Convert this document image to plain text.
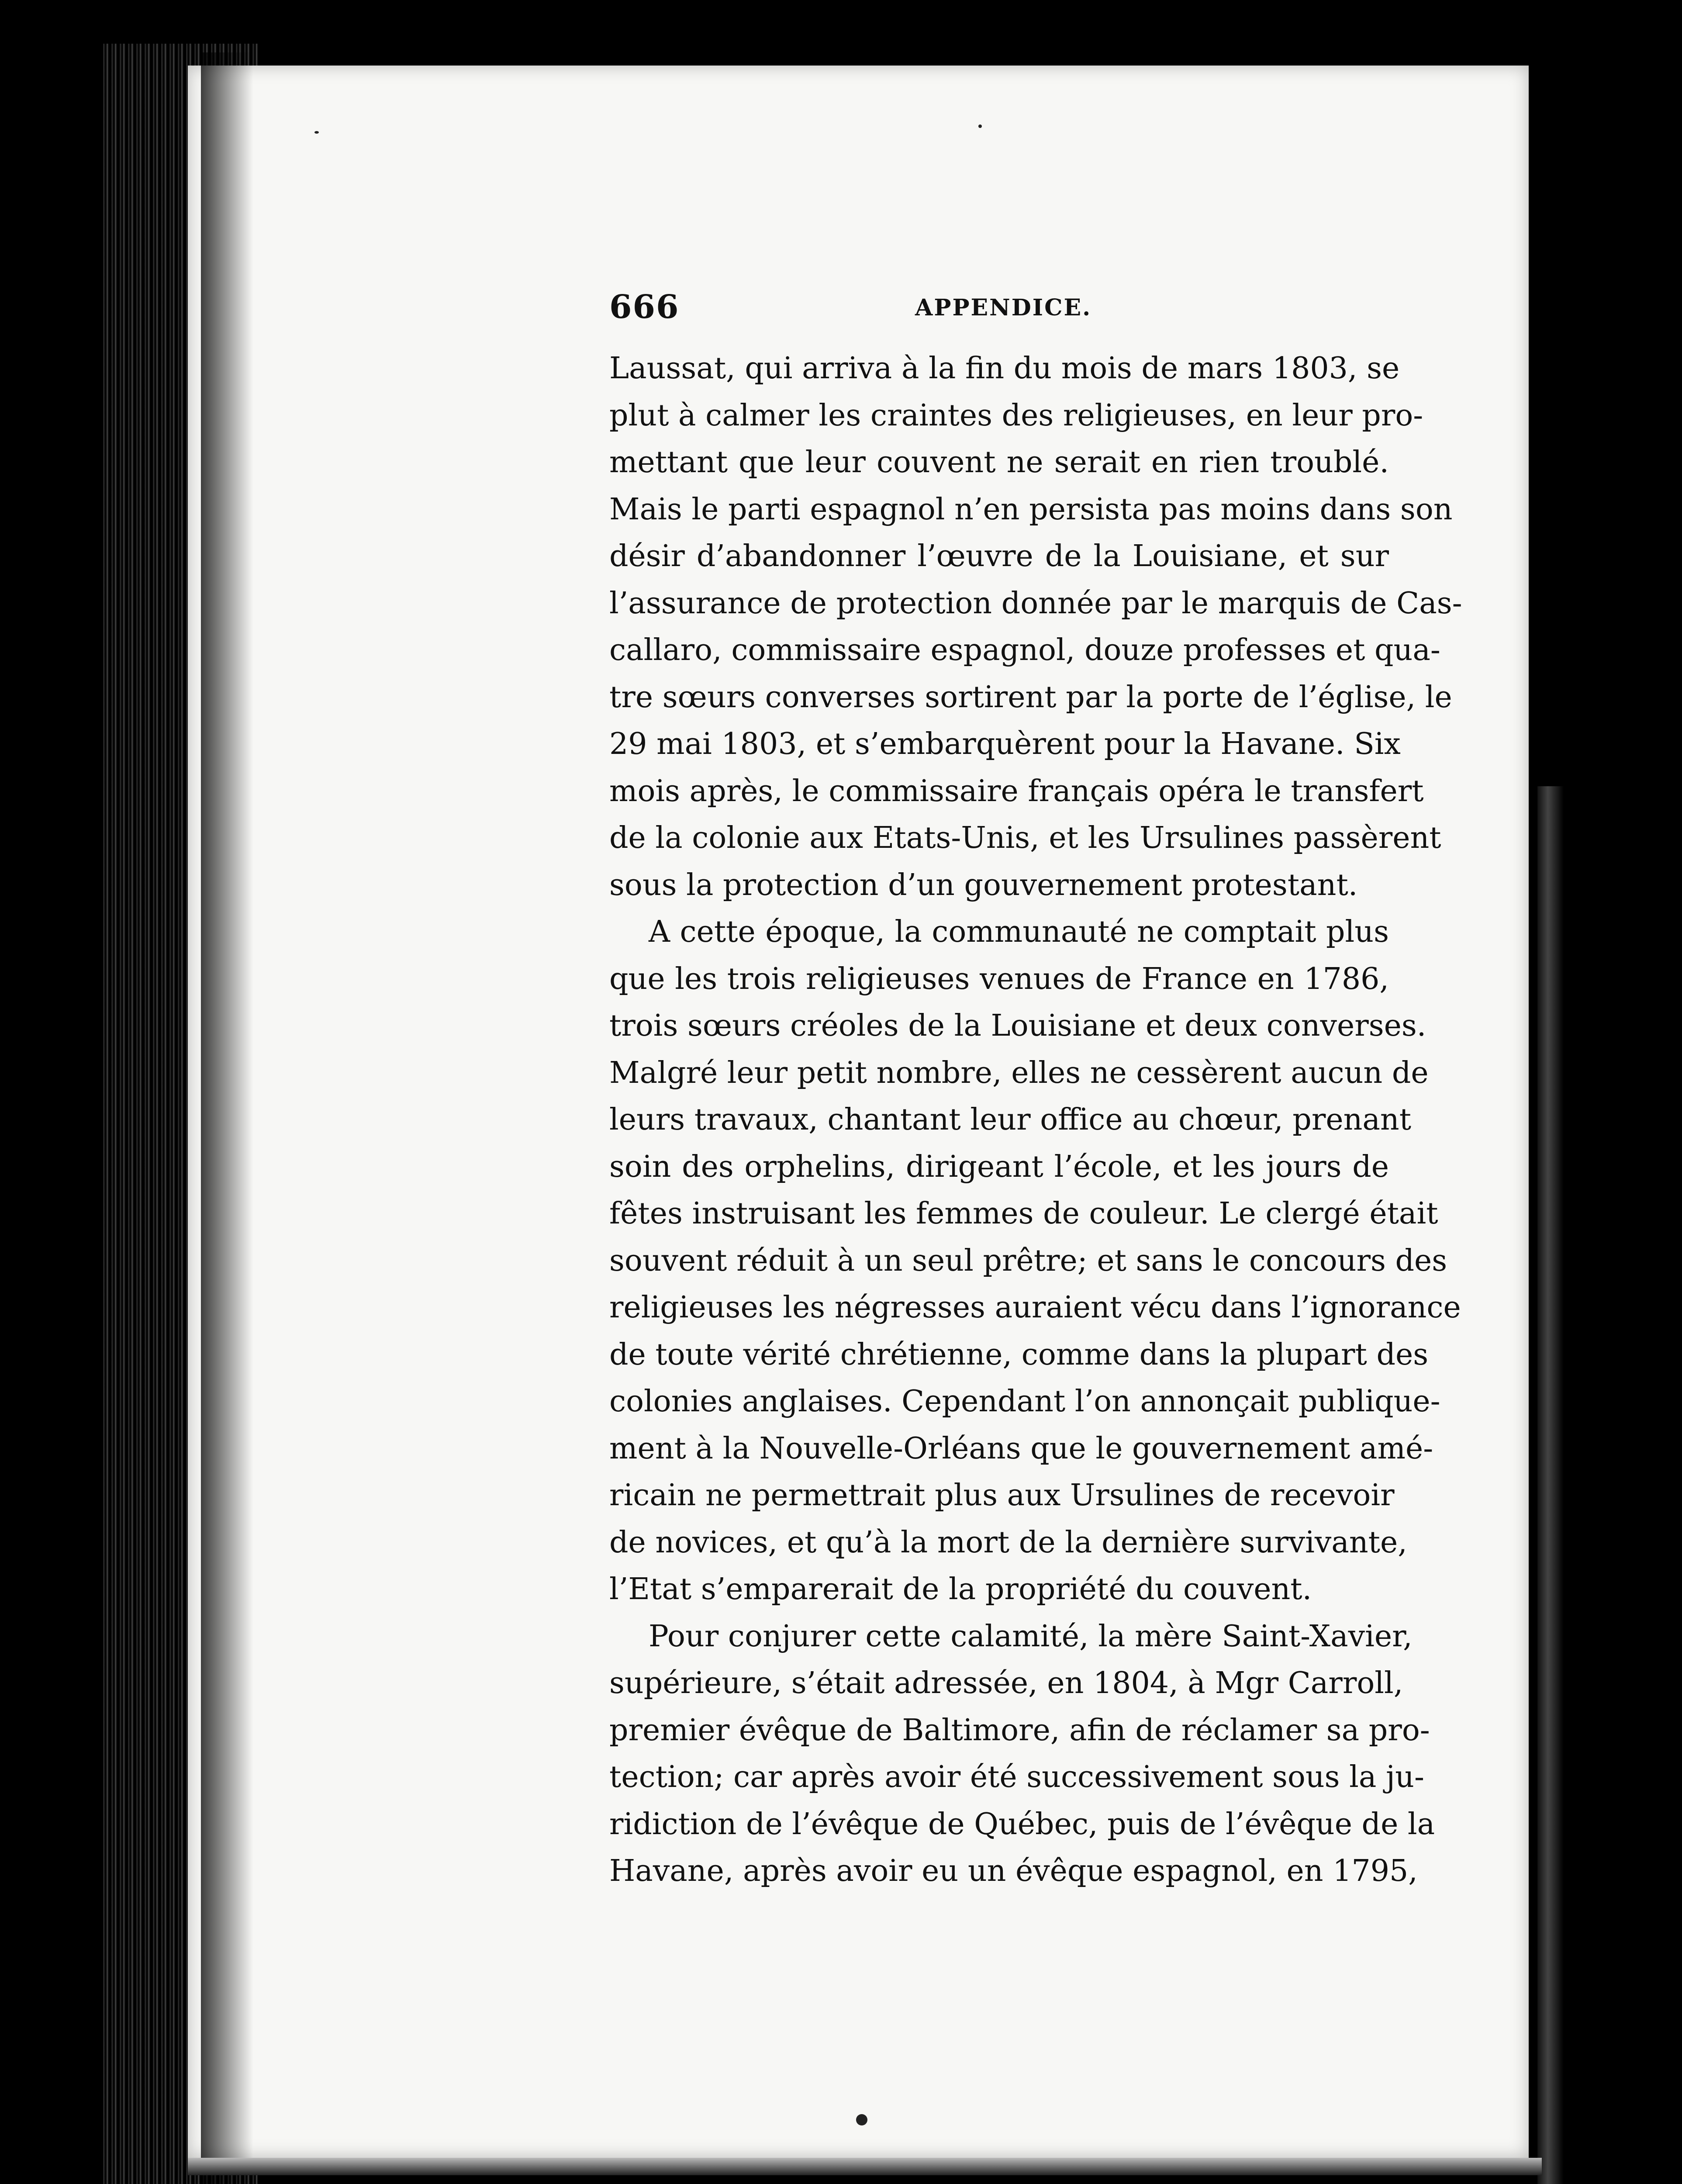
666	APPENDICE.
Laussat, qui arriva à la fin du mois de mars 1803, se
plut à calmer les craintes des religieuses, en leur pro-
mettant que leur couvent ne serait en rien troublé.
Mais le parti espagnol n’en persista pas moins dans son
désir d’abandonner l’œuvre de la Louisiane, et sur
l’assurance de protection donnée par le marquis de Cas-
callaro, commissaire espagnol, douze professes et qua-
tre sœurs converses sortirent par la porte de l’église, le
29 mai 1803, et s’embarquèrent pour la Havane. Six
mois après, le commissaire français opéra le transfert
de la colonie aux Etats-Unis, et les Ursulines passèrent
sous la protection d’un gouvernement protestant.
A cette époque, la communauté ne comptait plus
que les trois religieuses venues de France en 1786,
trois sœurs créoles de la Louisiane et deux converses.
Malgré leur petit nombre, elles ne cessèrent aucun de
leurs travaux, chantant leur office au chœur, prenant
soin des orphelins, dirigeant l’école, et les jours de
fêtes instruisant les femmes de couleur. Le clergé était
souvent réduit à un seul prêtre; et sans le concours des
religieuses les négresses auraient vécu dans l’ignorance
de toute vérité chrétienne, comme dans la plupart des
colonies anglaises. Cependant l’on annonçait publique-
ment à la Nouvelle-Orléans que le gouvernement amé-
ricain ne permettrait plus aux Ursulines de recevoir
de novices, et qu’à la mort de la dernière survivante,
l’Etat s’emparerait de la propriété du couvent.
Pour conjurer cette calamité, la mère Saint-Xavier,
supérieure, s’était adressée, en 1804, à Mgr Carroll,
premier évêque de Baltimore, afin de réclamer sa pro-
tection; car après avoir été successivement sous la ju-
ridiction de l’évêque de Québec, puis de l’évêque de la
Havane, après avoir eu un évêque espagnol, en 1795,
